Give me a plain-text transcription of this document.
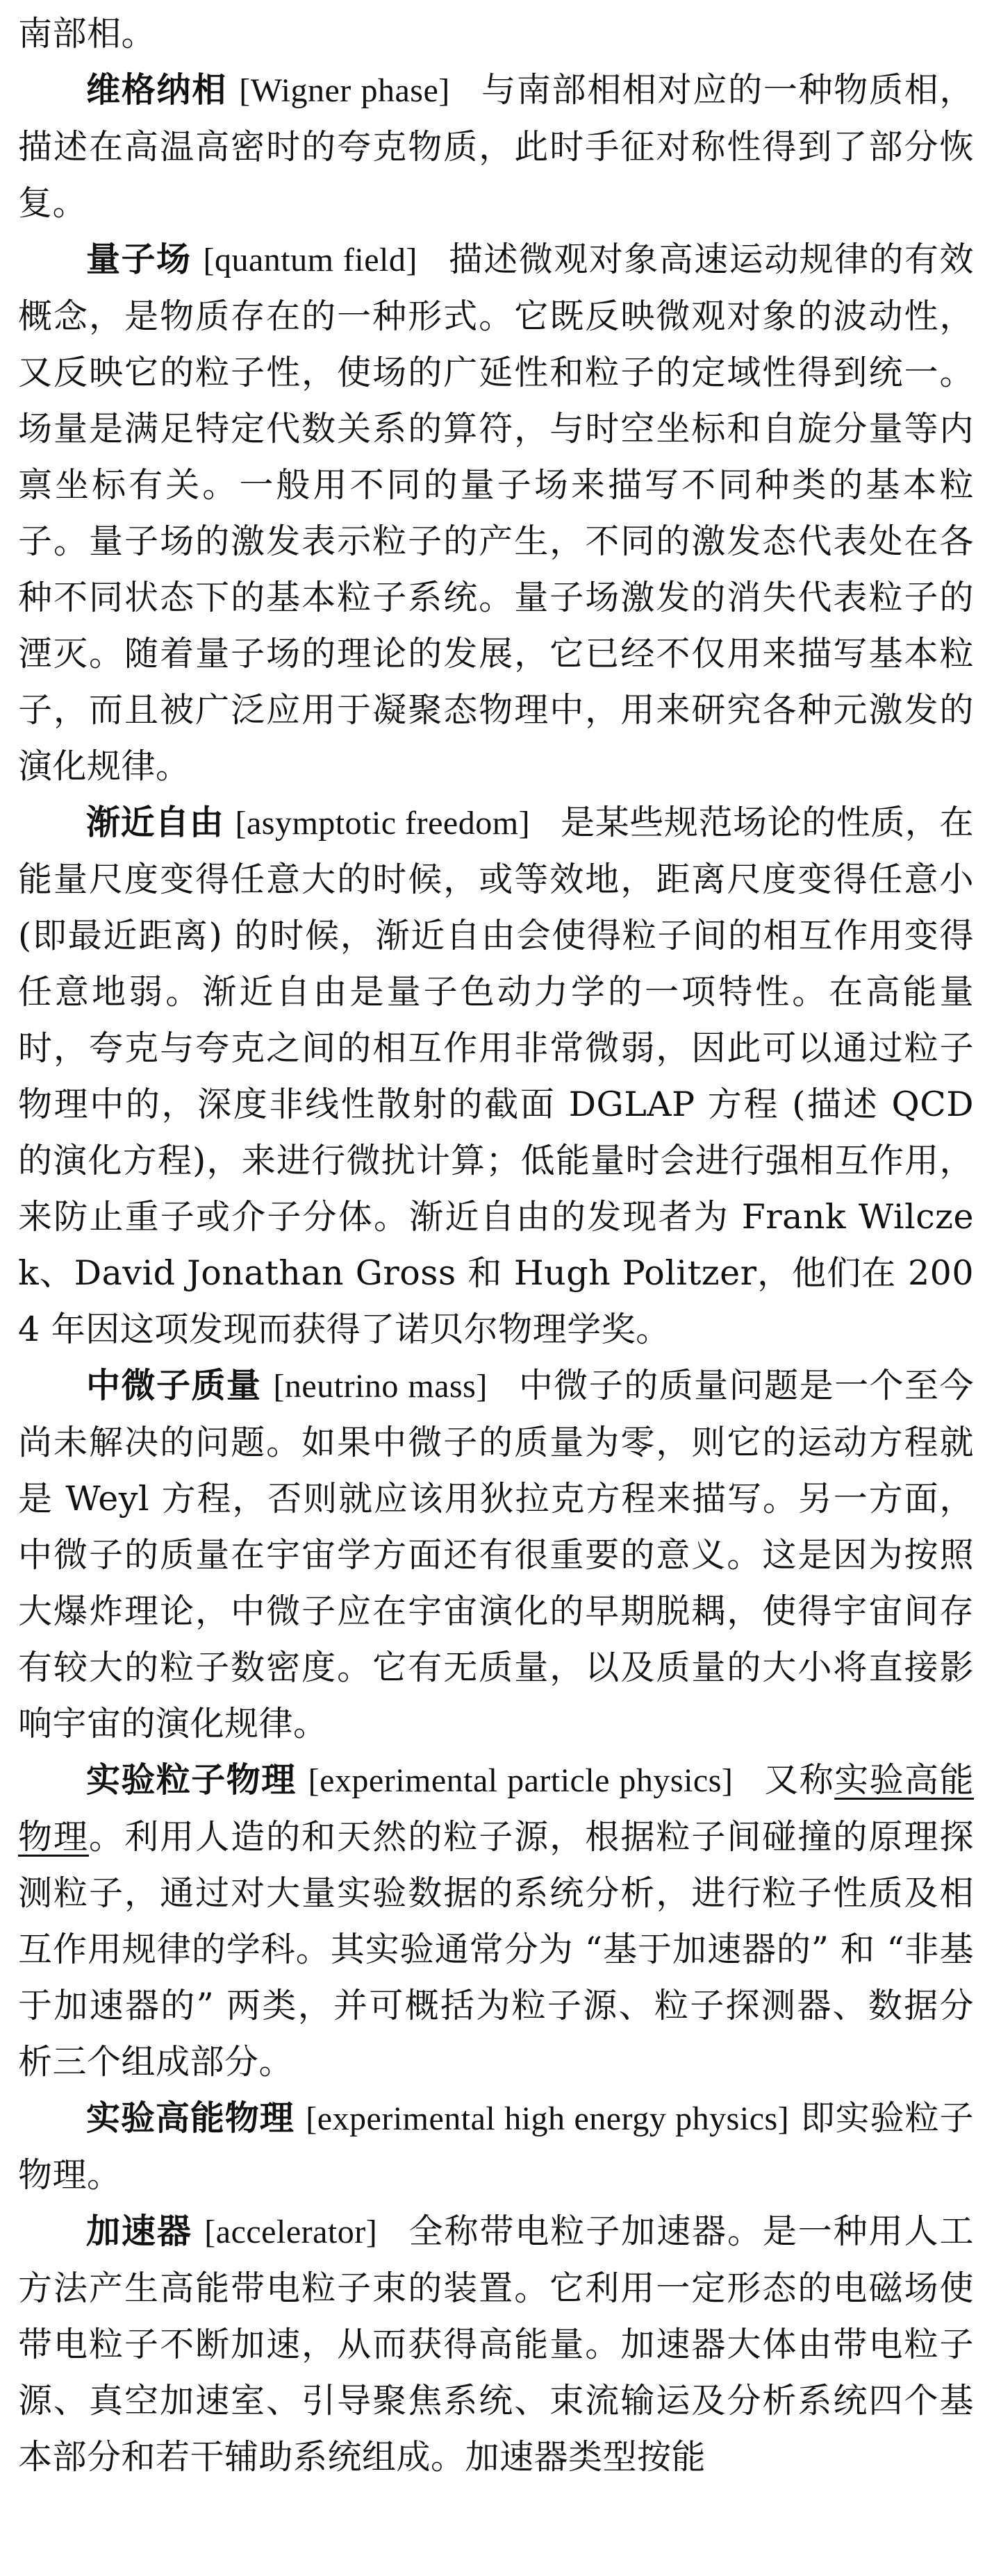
南部相。

维格纳相 [Wigner phase] 与南部相相对应的一种物质相，描述在高温高密时的夸克物质，此时手征对称性得到了部分恢复。

量子场 [quantum field] 描述微观对象高速运动规律的有效概念，是物质存在的一种形式。它既反映微观对象的波动性，又反映它的粒子性，使场的广延性和粒子的定域性得到统一。场量是满足特定代数关系的算符，与时空坐标和自旋分量等内禀坐标有关。一般用不同的量子场来描写不同种类的基本粒子。量子场的激发表示粒子的产生，不同的激发态代表处在各种不同状态下的基本粒子系统。量子场激发的消失代表粒子的湮灭。随着量子场的理论的发展，它已经不仅用来描写基本粒子，而且被广泛应用于凝聚态物理中，用来研究各种元激发的演化规律。

渐近自由 [asymptotic freedom] 是某些规范场论的性质，在能量尺度变得任意大的时候，或等效地，距离尺度变得任意小 (即最近距离) 的时候，渐近自由会使得粒子间的相互作用变得任意地弱。渐近自由是量子色动力学的一项特性。在高能量时，夸克与夸克之间的相互作用非常微弱，因此可以通过粒子物理中的，深度非线性散射的截面 DGLAP 方程 (描述 QCD 的演化方程)，来进行微扰计算；低能量时会进行强相互作用，来防止重子或介子分体。渐近自由的发现者为 Frank Wilczek、David Jonathan Gross 和 Hugh Politzer，他们在 2004 年因这项发现而获得了诺贝尔物理学奖。

中微子质量 [neutrino mass] 中微子的质量问题是一个至今尚未解决的问题。如果中微子的质量为零，则它的运动方程就是 Weyl 方程，否则就应该用狄拉克方程来描写。另一方面，中微子的质量在宇宙学方面还有很重要的意义。这是因为按照大爆炸理论，中微子应在宇宙演化的早期脱耦，使得宇宙间存有较大的粒子数密度。它有无质量，以及质量的大小将直接影响宇宙的演化规律。

实验粒子物理 [experimental particle physics] 又称实验高能物理。利用人造的和天然的粒子源，根据粒子间碰撞的原理探测粒子，通过对大量实验数据的系统分析，进行粒子性质及相互作用规律的学科。其实验通常分为 “基于加速器的” 和 “非基于加速器的” 两类，并可概括为粒子源、粒子探测器、数据分析三个组成部分。

实验高能物理 [experimental high energy physics] 即实验粒子物理。

加速器 [accelerator] 全称带电粒子加速器。是一种用人工方法产生高能带电粒子束的装置。它利用一定形态的电磁场使带电粒子不断加速，从而获得高能量。加速器大体由带电粒子源、真空加速室、引导聚焦系统、束流输运及分析系统四个基本部分和若干辅助系统组成。加速器类型按能
